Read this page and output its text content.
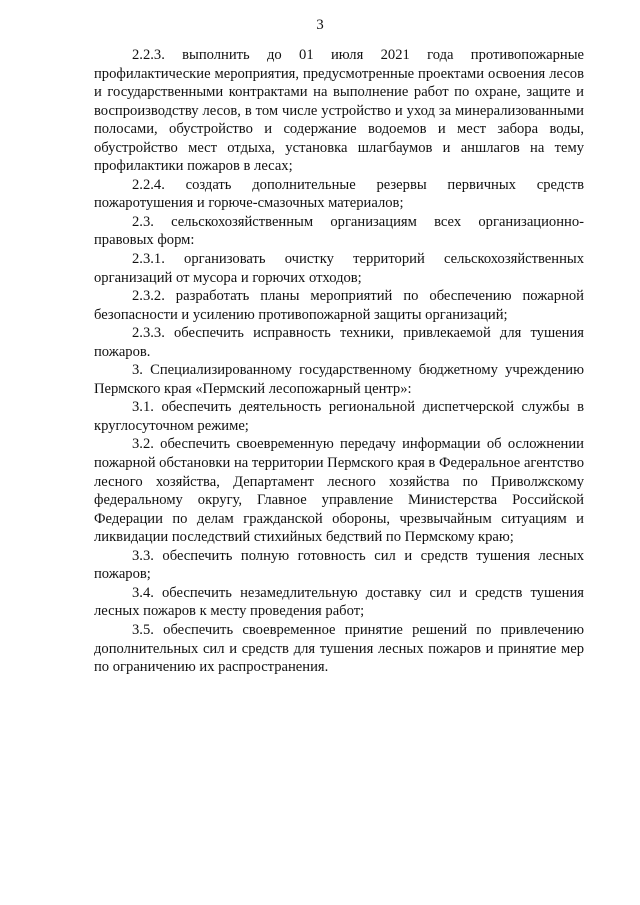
3

2.2.3. выполнить до 01 июля 2021 года противопожарные профилактические мероприятия, предусмотренные проектами освоения лесов и государственными контрактами на выполнение работ по охране, защите и воспроизводству лесов, в том числе устройство и уход за минерализованными полосами, обустройство и содержание водоемов и мест забора воды, обустройство мест отдыха, установка шлагбаумов и аншлагов на тему профилактики пожаров в лесах;

2.2.4. создать дополнительные резервы первичных средств пожаротушения и горюче-смазочных материалов;

2.3. сельскохозяйственным организациям всех организационно-правовых форм:

2.3.1. организовать очистку территорий сельскохозяйственных организаций от мусора и горючих отходов;

2.3.2. разработать планы мероприятий по обеспечению пожарной безопасности и усилению противопожарной защиты организаций;

2.3.3. обеспечить исправность техники, привлекаемой для тушения пожаров.

3. Специализированному государственному бюджетному учреждению Пермского края «Пермский лесопожарный центр»:

3.1. обеспечить деятельность региональной диспетчерской службы в круглосуточном режиме;

3.2. обеспечить своевременную передачу информации об осложнении пожарной обстановки на территории Пермского края в Федеральное агентство лесного хозяйства, Департамент лесного хозяйства по Приволжскому федеральному округу, Главное управление Министерства Российской Федерации по делам гражданской обороны, чрезвычайным ситуациям и ликвидации последствий стихийных бедствий по Пермскому краю;

3.3. обеспечить полную готовность сил и средств тушения лесных пожаров;

3.4. обеспечить незамедлительную доставку сил и средств тушения лесных пожаров к месту проведения работ;

3.5. обеспечить своевременное принятие решений по привлечению дополнительных сил и средств для тушения лесных пожаров и принятие мер по ограничению их распространения.
